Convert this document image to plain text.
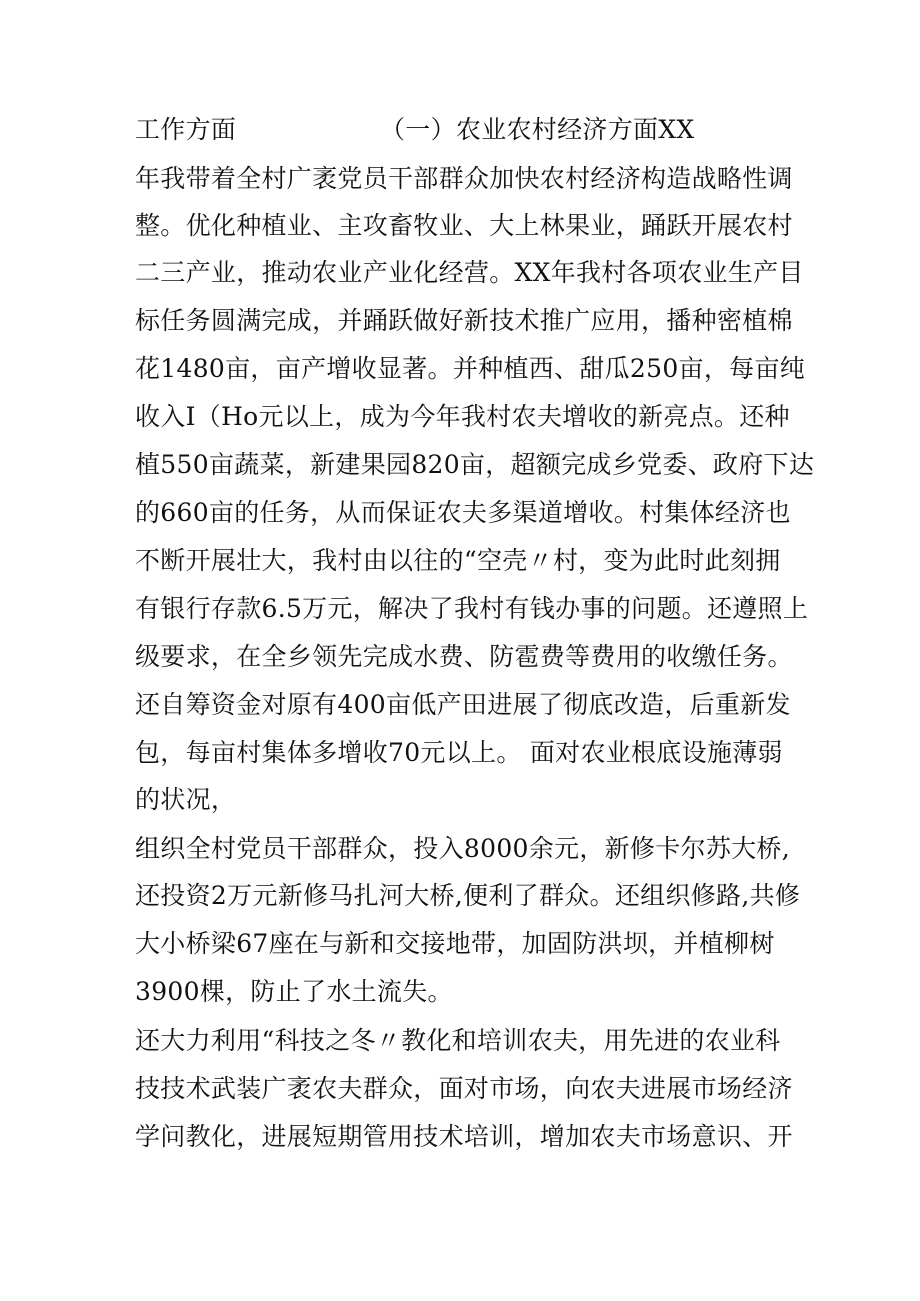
工作方面	（一）农业农村经济方面XX

年我带着全村广袤党员干部群众加快农村经济构造战略性调

整。优化种植业、主攻畜牧业、大上林果业，踊跃开展农村

二三产业，推动农业产业化经营。XX年我村各项农业生产目

标任务圆满完成，并踊跃做好新技术推广应用，播种密植棉

花1480亩，亩产增收显著。并种植西、甜瓜250亩，每亩纯

收入I（Ho元以上，成为今年我村农夫增收的新亮点。还种

植550亩蔬菜，新建果园820亩，超额完成乡党委、政府下达

的660亩的任务，从而保证农夫多渠道增收。村集体经济也

不断开展壮大，我村由以往的“空壳〃村，变为此时此刻拥

有银行存款6.5万元，解决了我村有钱办事的问题。还遵照上

级要求，在全乡领先完成水费、防雹费等费用的收缴任务。

还自筹资金对原有400亩低产田进展了彻底改造，后重新发

包，每亩村集体多增收70元以上。 面对农业根底设施薄弱

的状况，

组织全村党员干部群众，投入8000余元，新修卡尔苏大桥,

还投资2万元新修马扎河大桥,便利了群众。还组织修路,共修

大小桥梁67座在与新和交接地带，加固防洪坝，并植柳树

3900棵，防止了水土流失。

还大力利用“科技之冬〃教化和培训农夫，用先进的农业科

技技术武装广袤农夫群众，面对市场，向农夫进展市场经济

学问教化，进展短期管用技术培训，增加农夫市场意识、开
